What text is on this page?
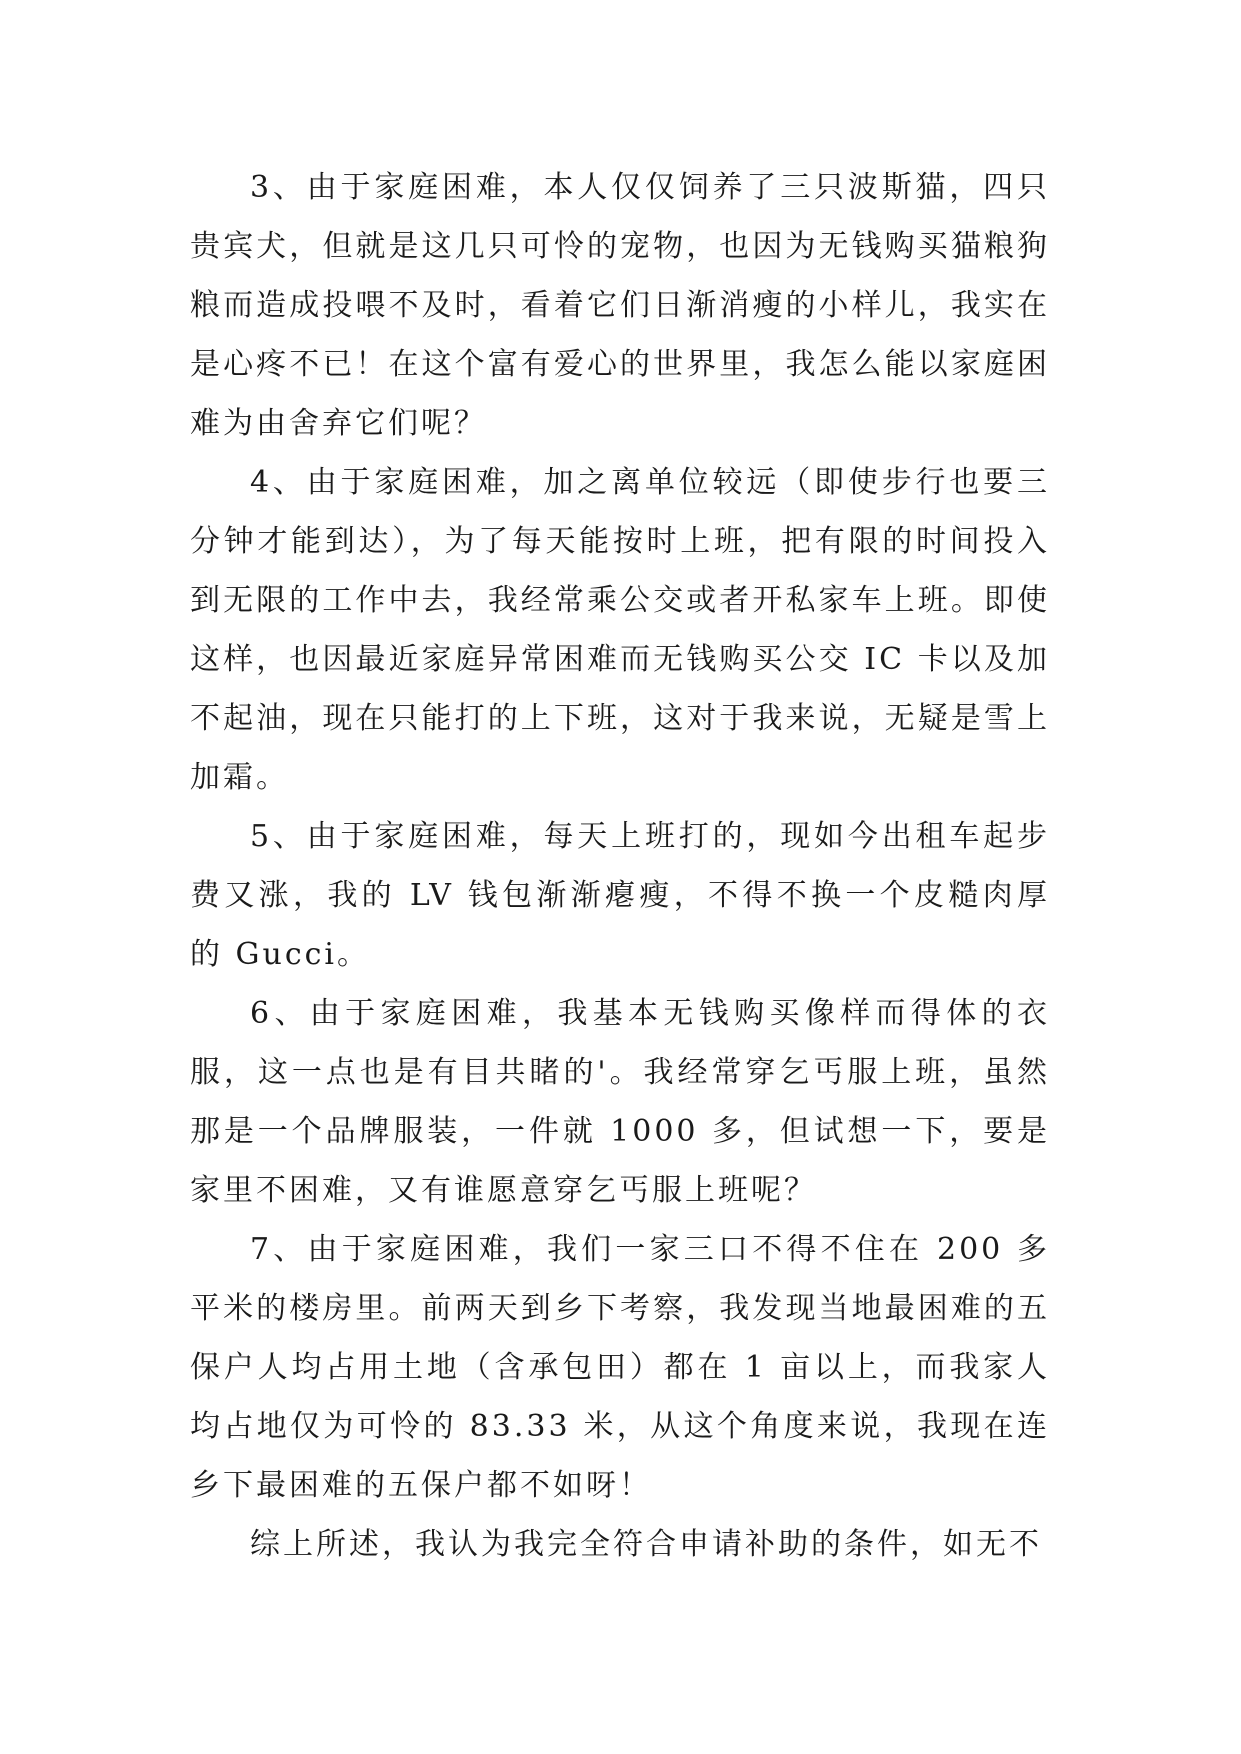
3、由于家庭困难，本人仅仅饲养了三只波斯猫，四只贵宾犬，但就是这几只可怜的宠物，也因为无钱购买猫粮狗粮而造成投喂不及时，看着它们日渐消瘦的小样儿，我实在是心疼不已！在这个富有爱心的世界里，我怎么能以家庭困难为由舍弃它们呢？

4、由于家庭困难，加之离单位较远（即使步行也要三分钟才能到达），为了每天能按时上班，把有限的时间投入到无限的工作中去，我经常乘公交或者开私家车上班。即使这样，也因最近家庭异常困难而无钱购买公交 IC 卡以及加不起油，现在只能打的上下班，这对于我来说，无疑是雪上加霜。

5、由于家庭困难，每天上班打的，现如今出租车起步费又涨，我的 LV 钱包渐渐瘪瘦，不得不换一个皮糙肉厚的 Gucci。

6、由于家庭困难，我基本无钱购买像样而得体的衣服，这一点也是有目共睹的'。我经常穿乞丐服上班，虽然那是一个品牌服装，一件就 1000 多，但试想一下，要是家里不困难，又有谁愿意穿乞丐服上班呢？

7、由于家庭困难，我们一家三口不得不住在 200 多平米的楼房里。前两天到乡下考察，我发现当地最困难的五保户人均占用土地（含承包田）都在 1 亩以上，而我家人均占地仅为可怜的 83.33 米，从这个角度来说，我现在连乡下最困难的五保户都不如呀！

综上所述，我认为我完全符合申请补助的条件，如无不
